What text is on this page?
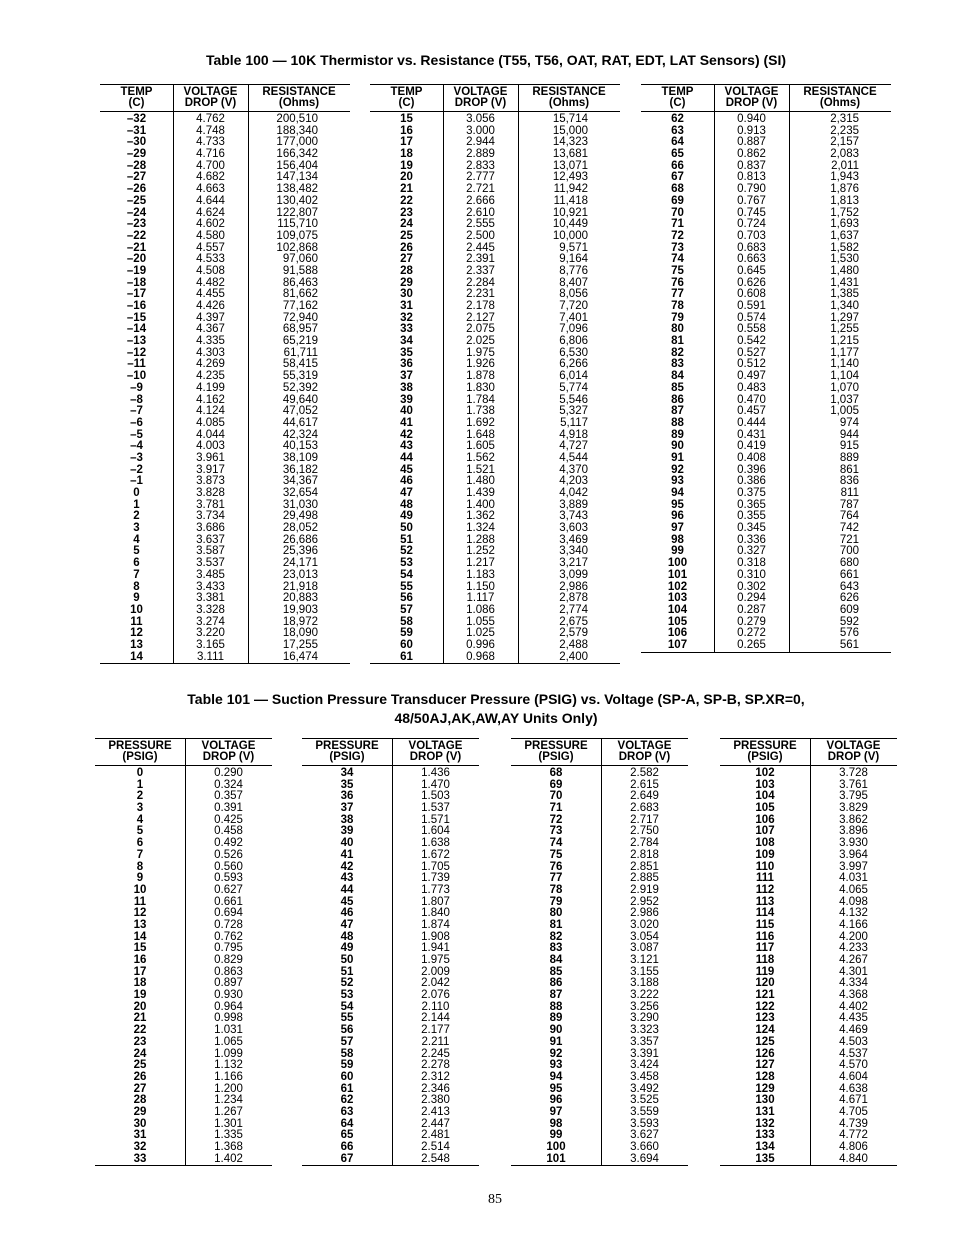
Table 100 — 10K Thermistor vs. Resistance (T55, T56, OAT, RAT, EDT, LAT Sensors) (SI)
TEMP
(C)
VOLTAGE
DROP (V)
RESISTANCE
(Ohms)
–32	4.762	200,510
–31	4.748	188,340
–30	4.733	177,000
–29	4.716	166,342
–28	4.700	156,404
–27	4.682	147,134
–26	4.663	138,482
–25	4.644	130,402
–24	4.624	122,807
–23	4.602	115,710
–22	4.580	109,075
–21	4.557	102,868
–20	4.533	97,060
–19	4.508	91,588
–18	4.482	86,463
–17	4.455	81,662
–16	4.426	77,162
–15	4.397	72,940
–14	4.367	68,957
–13	4.335	65,219
–12	4.303	61,711
–11	4.269	58,415
–10	4.235	55,319
–9	4.199	52,392
–8	4.162	49,640
–7	4.124	47,052
–6	4.085	44,617
–5	4.044	42,324
–4	4.003	40,153
–3	3.961	38,109
–2	3.917	36,182
–1	3.873	34,367
0	3.828	32,654
1	3.781	31,030
2	3.734	29,498
3	3.686	28,052
4	3.637	26,686
5	3.587	25,396
6	3.537	24,171
7	3.485	23,013
8	3.433	21,918
9	3.381	20,883
10	3.328	19,903
11	3.274	18,972
12	3.220	18,090
13	3.165	17,255
14	3.111	16,474
TEMP
(C)
VOLTAGE
DROP (V)
RESISTANCE
(Ohms)
15	3.056	15,714
16	3.000	15,000
17	2.944	14,323
18	2.889	13,681
19	2.833	13,071
20	2.777	12,493
21	2.721	11,942
22	2.666	11,418
23	2.610	10,921
24	2.555	10,449
25	2.500	10,000
26	2.445	9,571
27	2.391	9,164
28	2.337	8,776
29	2.284	8,407
30	2.231	8,056
31	2.178	7,720
32	2.127	7,401
33	2.075	7,096
34	2.025	6,806
35	1.975	6,530
36	1.926	6,266
37	1.878	6,014
38	1.830	5,774
39	1.784	5,546
40	1.738	5,327
41	1.692	5,117
42	1.648	4,918
43	1.605	4,727
44	1.562	4,544
45	1.521	4,370
46	1.480	4,203
47	1.439	4,042
48	1.400	3,889
49	1.362	3,743
50	1.324	3,603
51	1.288	3,469
52	1.252	3,340
53	1.217	3,217
54	1.183	3,099
55	1.150	2,986
56	1.117	2,878
57	1.086	2,774
58	1.055	2,675
59	1.025	2,579
60	0.996	2,488
61	0.968	2,400
TEMP
(C)
VOLTAGE
DROP (V)
RESISTANCE
(Ohms)
62	0.940	2,315
63	0.913	2,235
64	0.887	2,157
65	0.862	2,083
66	0.837	2,011
67	0.813	1,943
68	0.790	1,876
69	0.767	1,813
70	0.745	1,752
71	0.724	1,693
72	0.703	1,637
73	0.683	1,582
74	0.663	1,530
75	0.645	1,480
76	0.626	1,431
77	0.608	1,385
78	0.591	1,340
79	0.574	1,297
80	0.558	1,255
81	0.542	1,215
82	0.527	1,177
83	0.512	1,140
84	0.497	1,104
85	0.483	1,070
86	0.470	1,037
87	0.457	1,005
88	0.444	974
89	0.431	944
90	0.419	915
91	0.408	889
92	0.396	861
93	0.386	836
94	0.375	811
95	0.365	787
96	0.355	764
97	0.345	742
98	0.336	721
99	0.327	700
100	0.318	680
101	0.310	661
102	0.302	643
103	0.294	626
104	0.287	609
105	0.279	592
106	0.272	576
107	0.265	561
Table 101 — Suction Pressure Transducer Pressure (PSIG) vs. Voltage (SP-A, SP-B, SP.XR=0,
48/50AJ,AK,AW,AY Units Only)
PRESSURE
(PSIG)
VOLTAGE
DROP (V)
0	0.290
1	0.324
2	0.357
3	0.391
4	0.425
5	0.458
6	0.492
7	0.526
8	0.560
9	0.593
10	0.627
11	0.661
12	0.694
13	0.728
14	0.762
15	0.795
16	0.829
17	0.863
18	0.897
19	0.930
20	0.964
21	0.998
22	1.031
23	1.065
24	1.099
25	1.132
26	1.166
27	1.200
28	1.234
29	1.267
30	1.301
31	1.335
32	1.368
33	1.402
PRESSURE
(PSIG)
VOLTAGE
DROP (V)
34	1.436
35	1.470
36	1.503
37	1.537
38	1.571
39	1.604
40	1.638
41	1.672
42	1.705
43	1.739
44	1.773
45	1.807
46	1.840
47	1.874
48	1.908
49	1.941
50	1.975
51	2.009
52	2.042
53	2.076
54	2.110
55	2.144
56	2.177
57	2.211
58	2.245
59	2.278
60	2.312
61	2.346
62	2.380
63	2.413
64	2.447
65	2.481
66	2.514
67	2.548
PRESSURE
(PSIG)
VOLTAGE
DROP (V)
68	2.582
69	2.615
70	2.649
71	2.683
72	2.717
73	2.750
74	2.784
75	2.818
76	2.851
77	2.885
78	2.919
79	2.952
80	2.986
81	3.020
82	3.054
83	3.087
84	3.121
85	3.155
86	3.188
87	3.222
88	3.256
89	3.290
90	3.323
91	3.357
92	3.391
93	3.424
94	3.458
95	3.492
96	3.525
97	3.559
98	3.593
99	3.627
100	3.660
101	3.694
PRESSURE
(PSIG)
VOLTAGE
DROP (V)
102	3.728
103	3.761
104	3.795
105	3.829
106	3.862
107	3.896
108	3.930
109	3.964
110	3.997
111	4.031
112	4.065
113	4.098
114	4.132
115	4.166
116	4.200
117	4.233
118	4.267
119	4.301
120	4.334
121	4.368
122	4.402
123	4.435
124	4.469
125	4.503
126	4.537
127	4.570
128	4.604
129	4.638
130	4.671
131	4.705
132	4.739
133	4.772
134	4.806
135	4.840
85
